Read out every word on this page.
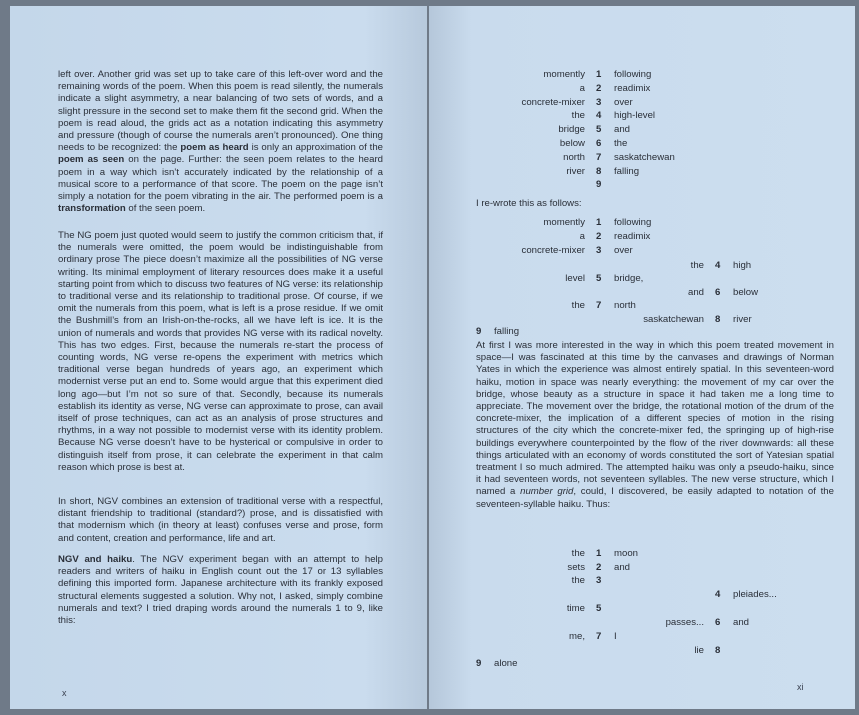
left over. Another grid was set up to take care of this left-over word and the remaining words of the poem. When this poem is read silently, the numerals indicate a slight asymmetry, a near balancing of two sets of words, and a slight pressure in the second set to make them fit the second grid. When the poem is read aloud, the grids act as a notation indicating this asymmetry and pressure (though of course the numerals aren’t pronounced). One thing needs to be recognized: the poem as heard is only an approximation of the poem as seen on the page. Further: the seen poem relates to the heard poem in a way which isn’t accurately indicated by the relationship of a musical score to a performance of that score. The poem on the page isn’t simply a notation for the poem vibrating in the air. The performed poem is a transformation of the seen poem.

The NG poem just quoted would seem to justify the common criticism that, if the numerals were omitted, the poem would be indistinguishable from ordinary prose The piece doesn’t maximize all the possibilities of NG verse writing. Its minimal employment of literary resources does make it a useful starting point from which to discuss two features of NG verse: its relationship to traditional verse and its relationship to traditional prose. Of course, if we omit the numerals from this poem, what is left is a prose residue. If we omit the Bushmill’s from an Irish-on-the-rocks, all we have left is ice. It is the union of numerals and words that provides NG verse with its radical novelty. This has two edges. First, because the numerals re-start the process of counting words, NG verse re-opens the experiment with metrics which traditional verse began hundreds of years ago, an experiment which modernist verse put an end to. Some would argue that this experiment died long ago—but I’m not so sure of that. Secondly, because its numerals establish its identity as verse, NG verse can approximate to prose, can avail itself of prose techniques, can act as an analysis of prose structures and rhythms, in a way not possible to modernist verse with its identity problem. Because NG verse doesn’t have to be hysterical or compulsive in order to distinguish itself from prose, it can celebrate the experiment in that calm reason which prose is best at.

In short, NGV combines an extension of traditional verse with a respectful, distant friendship to traditional (standard?) prose, and is dissatisfied with that modernism which (in theory at least) confuses verse and prose, form and content, creation and performance, life and art.

NGV and haiku. The NGV experiment began with an attempt to help readers and writers of haiku in English count out the 17 or 13 syllables defining this imported form. Japanese architecture with its frankly exposed structural elements suggested a solution. Why not, I asked, simply combine numerals and text? I tried draping words around the numerals 1 to 9, like this:

x
momently 1 following
a 2 readimix
concrete-mixer 3 over
the 4 high-level
bridge 5 and
below 6 the
north 7 saskatchewan
river 8 falling
9
I re-wrote this as follows:
momently 1 following
a 2 readimix
concrete-mixer 3 over
the 4 high
level 5 bridge,
and 6 below
the 7 north
saskatchewan 8 river
9 falling

At first I was more interested in the way in which this poem treated movement in space—I was fascinated at this time by the canvases and drawings of Norman Yates in which the experience was almost entirely spatial. In this seventeen-word haiku, motion in space was nearly everything: the movement of my car over the bridge, whose beauty as a structure in space it had taken me a long time to appreciate. The movement over the bridge, the rotational motion of the drum of the concrete-mixer, the implication of a different species of motion in the rising structures of the city which the concrete-mixer fed, the springing up of high-rise buildings everywhere counterpointed by the flow of the river downwards: all these things articulated with an economy of words constituted the sort of Yatesian spatial treatment I so much admired. The attempted haiku was only a pseudo-haiku, since it had seventeen words, not seventeen syllables. The new verse structure, which I named a number grid, could, I discovered, be easily adapted to notation of the seventeen-syllable haiku. Thus:

the 1 moon
sets 2 and
the 3
4 pleiades...
time 5
passes... 6 and
me, 7 I
lie 8
9 alone
xi
